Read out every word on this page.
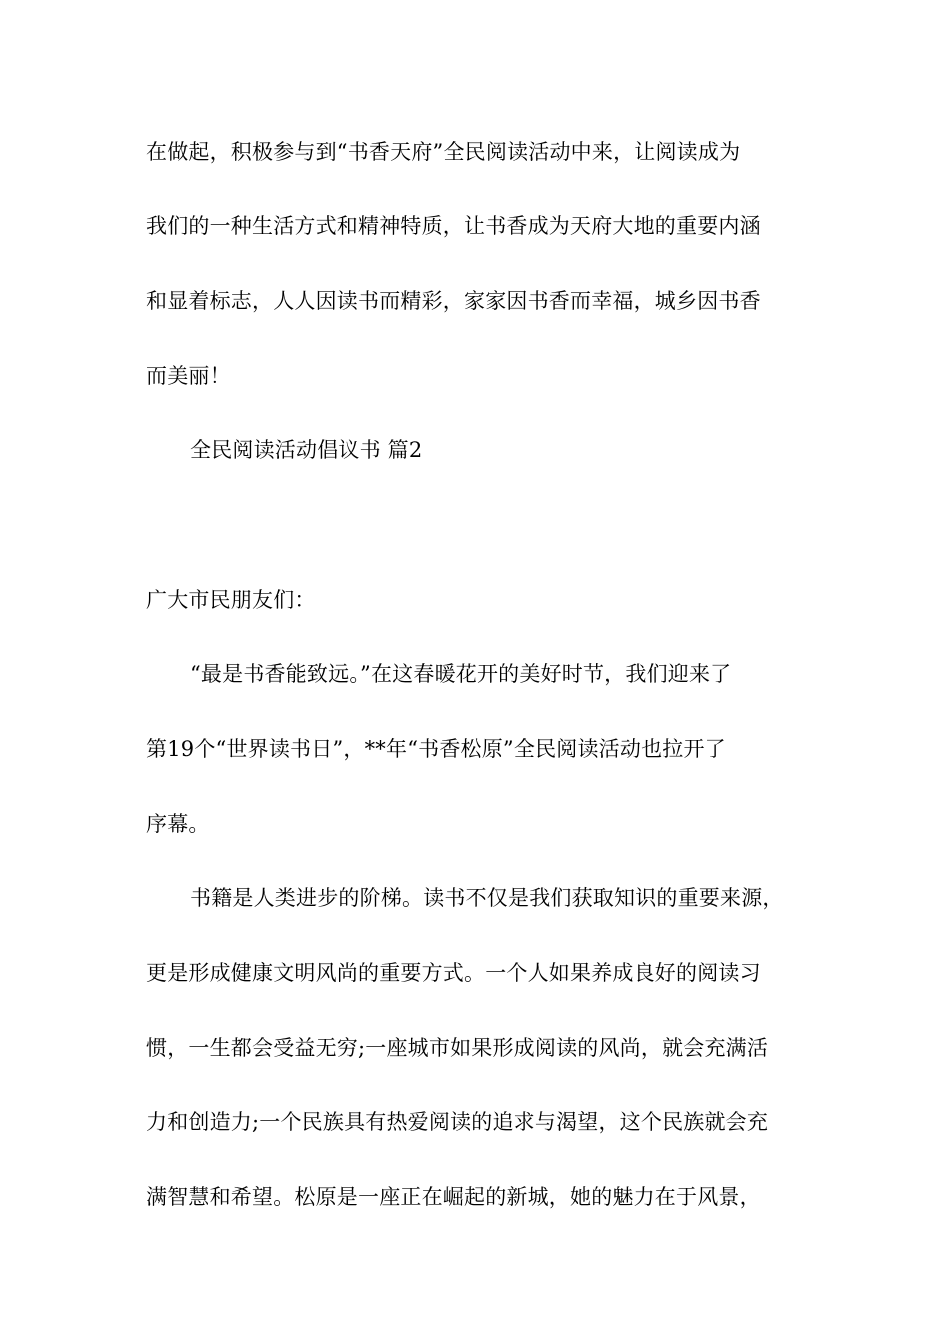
在做起，积极参与到“书香天府”全民阅读活动中来，让阅读成为
我们的一种生活方式和精神特质，让书香成为天府大地的重要内涵
和显着标志，人人因读书而精彩，家家因书香而幸福，城乡因书香
而美丽！
全民阅读活动倡议书 篇2
广大市民朋友们：
“最是书香能致远。”在这春暖花开的美好时节，我们迎来了
第19个“世界读书日”，**年“书香松原”全民阅读活动也拉开了
序幕。
书籍是人类进步的阶梯。读书不仅是我们获取知识的重要来源，
更是形成健康文明风尚的重要方式。一个人如果养成良好的阅读习
惯，一生都会受益无穷;一座城市如果形成阅读的风尚，就会充满活
力和创造力;一个民族具有热爱阅读的追求与渴望，这个民族就会充
满智慧和希望。松原是一座正在崛起的新城，她的魅力在于风景，
